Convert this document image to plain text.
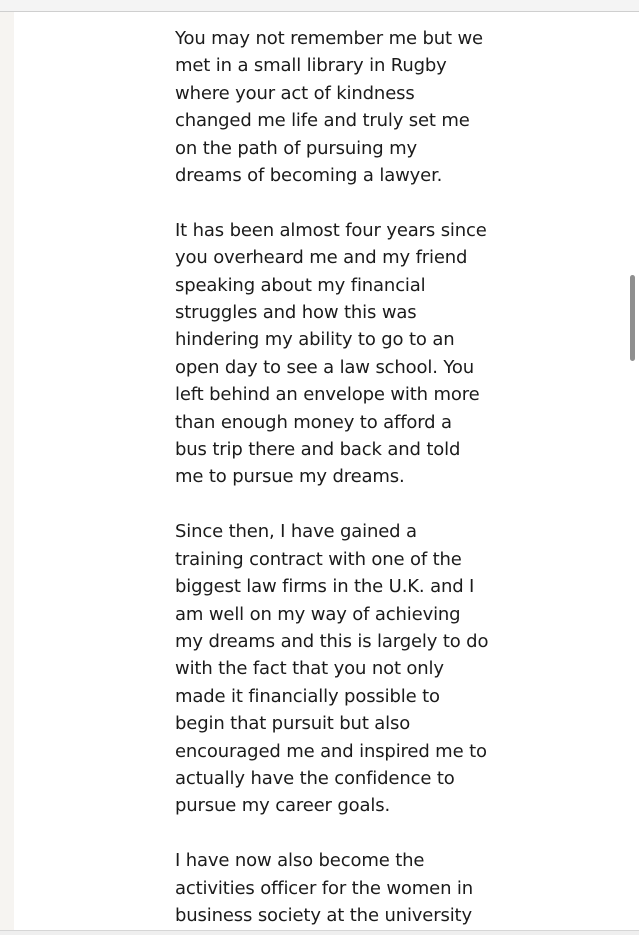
You may not remember me but we
met in a small library in Rugby
where your act of kindness
changed me life and truly set me
on the path of pursuing my
dreams of becoming a lawyer.
It has been almost four years since
you overheard me and my friend
speaking about my financial
struggles and how this was
hindering my ability to go to an
open day to see a law school. You
left behind an envelope with more
than enough money to afford a
bus trip there and back and told
me to pursue my dreams.
Since then, I have gained a
training contract with one of the
biggest law firms in the U.K. and I
am well on my way of achieving
my dreams and this is largely to do
with the fact that you not only
made it financially possible to
begin that pursuit but also
encouraged me and inspired me to
actually have the confidence to
pursue my career goals.
I have now also become the
activities officer for the women in
business society at the university
